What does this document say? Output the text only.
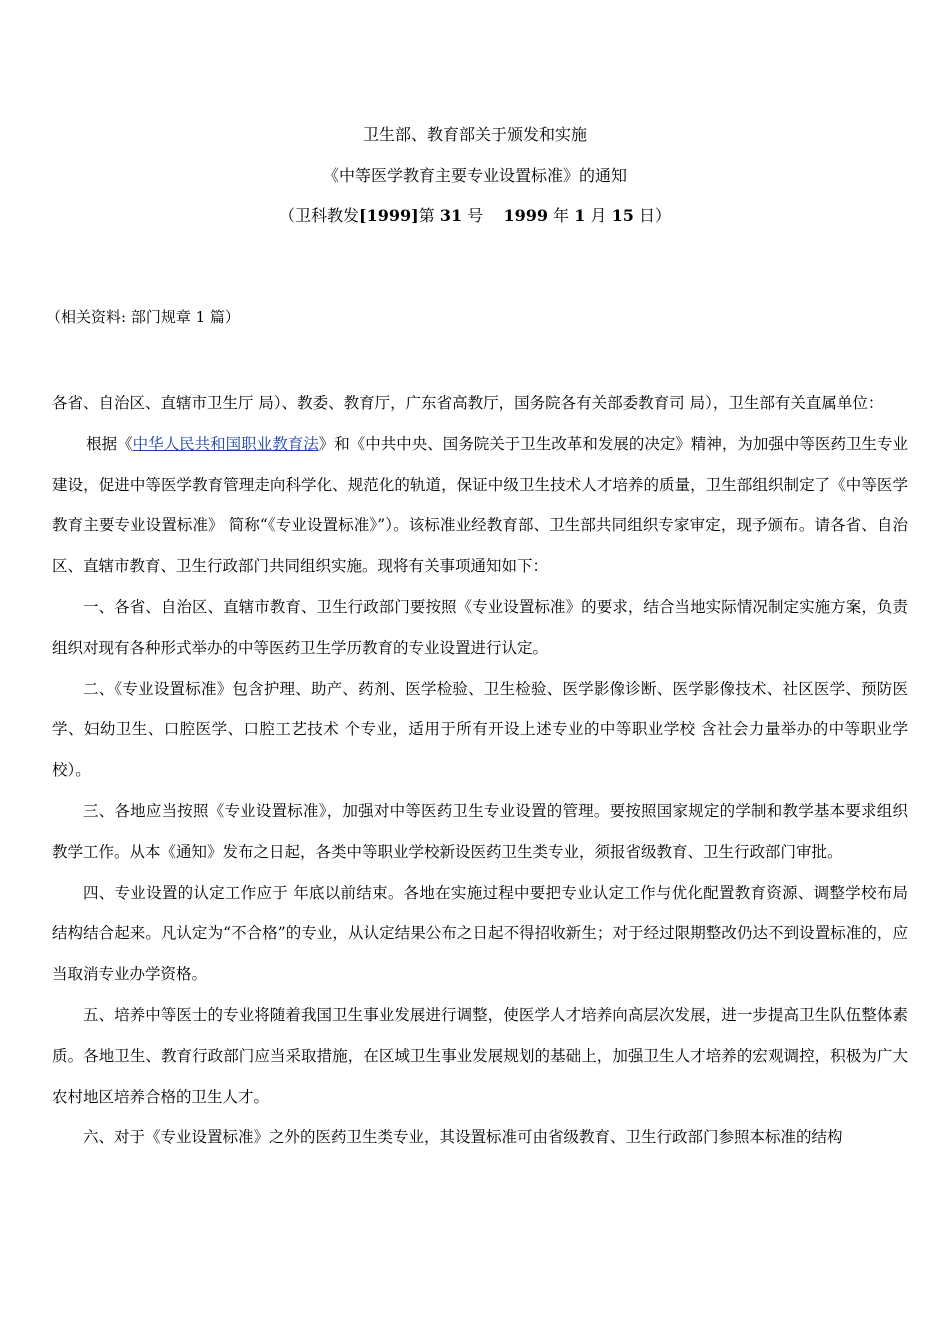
卫生部、教育部关于颁发和实施
《中等医学教育主要专业设置标准》的通知
（卫科教发[1999]第 31 号 1999 年 1 月 15 日）
（相关资料: 部门规章 1 篇）

各省、自治区、直辖市卫生厅 局）、教委、教育厅，广东省高教厅，国务院各有关部委教育司 局），卫生部有关直属单位：

根据《中华人民共和国职业教育法》和《中共中央、国务院关于卫生改革和发展的决定》精神，为加强中等医药卫生专业建设，促进中等医学教育管理走向科学化、规范化的轨道，保证中级卫生技术人才培养的质量，卫生部组织制定了《中等医学教育主要专业设置标准》 简称“《专业设置标准》”）。该标准业经教育部、卫生部共同组织专家审定，现予颁布。请各省、自治区、直辖市教育、卫生行政部门共同组织实施。现将有关事项通知如下：

一、各省、自治区、直辖市教育、卫生行政部门要按照《专业设置标准》的要求，结合当地实际情况制定实施方案，负责组织对现有各种形式举办的中等医药卫生学历教育的专业设置进行认定。

二、《专业设置标准》包含护理、助产、药剂、医学检验、卫生检验、医学影像诊断、医学影像技术、社区医学、预防医学、妇幼卫生、口腔医学、口腔工艺技术 个专业，适用于所有开设上述专业的中等职业学校 含社会力量举办的中等职业学校）。

三、各地应当按照《专业设置标准》，加强对中等医药卫生专业设置的管理。要按照国家规定的学制和教学基本要求组织教学工作。从本《通知》发布之日起，各类中等职业学校新设医药卫生类专业，须报省级教育、卫生行政部门审批。

四、专业设置的认定工作应于 年底以前结束。各地在实施过程中要把专业认定工作与优化配置教育资源、调整学校布局结构结合起来。凡认定为“不合格”的专业，从认定结果公布之日起不得招收新生；对于经过限期整改仍达不到设置标准的，应当取消专业办学资格。

五、培养中等医士的专业将随着我国卫生事业发展进行调整，使医学人才培养向高层次发展，进一步提高卫生队伍整体素质。各地卫生、教育行政部门应当采取措施，在区域卫生事业发展规划的基础上，加强卫生人才培养的宏观调控，积极为广大农村地区培养合格的卫生人才。

六、对于《专业设置标准》之外的医药卫生类专业，其设置标准可由省级教育、卫生行政部门参照本标准的结构
